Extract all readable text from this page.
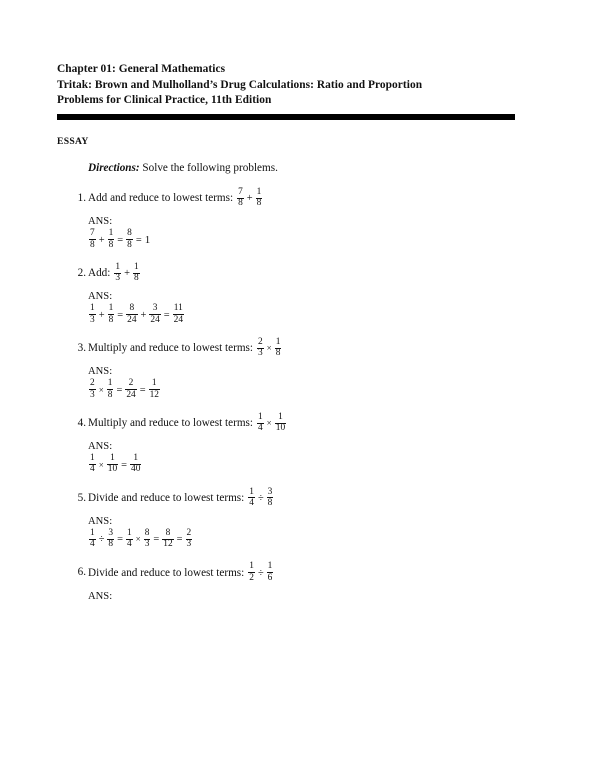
Chapter 01: General Mathematics
Tritak: Brown and Mulholland’s Drug Calculations: Ratio and Proportion
Problems for Clinical Practice, 11th Edition
ESSAY
Directions: Solve the following problems.
1. Add and reduce to lowest terms: $\frac{7}{8} + \frac{1}{8}$
ANS:
$\frac{7}{8} + \frac{1}{8} = \frac{8}{8} = 1$
2. Add: $\frac{1}{3} + \frac{1}{8}$
ANS:
$\frac{1}{3} + \frac{1}{8} = \frac{8}{24} + \frac{3}{24} = \frac{11}{24}$
3. Multiply and reduce to lowest terms: $\frac{2}{3} \times \frac{1}{8}$
ANS:
$\frac{2}{3} \times \frac{1}{8} = \frac{2}{24} = \frac{1}{12}$
4. Multiply and reduce to lowest terms: $\frac{1}{4} \times \frac{1}{10}$
ANS:
$\frac{1}{4} \times \frac{1}{10} = \frac{1}{40}$
5. Divide and reduce to lowest terms: $\frac{1}{4} \div \frac{3}{8}$
ANS:
$\frac{1}{4} \div \frac{3}{8} = \frac{1}{4} \times \frac{8}{3} = \frac{8}{12} = \frac{2}{3}$
6. Divide and reduce to lowest terms: $\frac{1}{2} \div \frac{1}{6}$
ANS:
